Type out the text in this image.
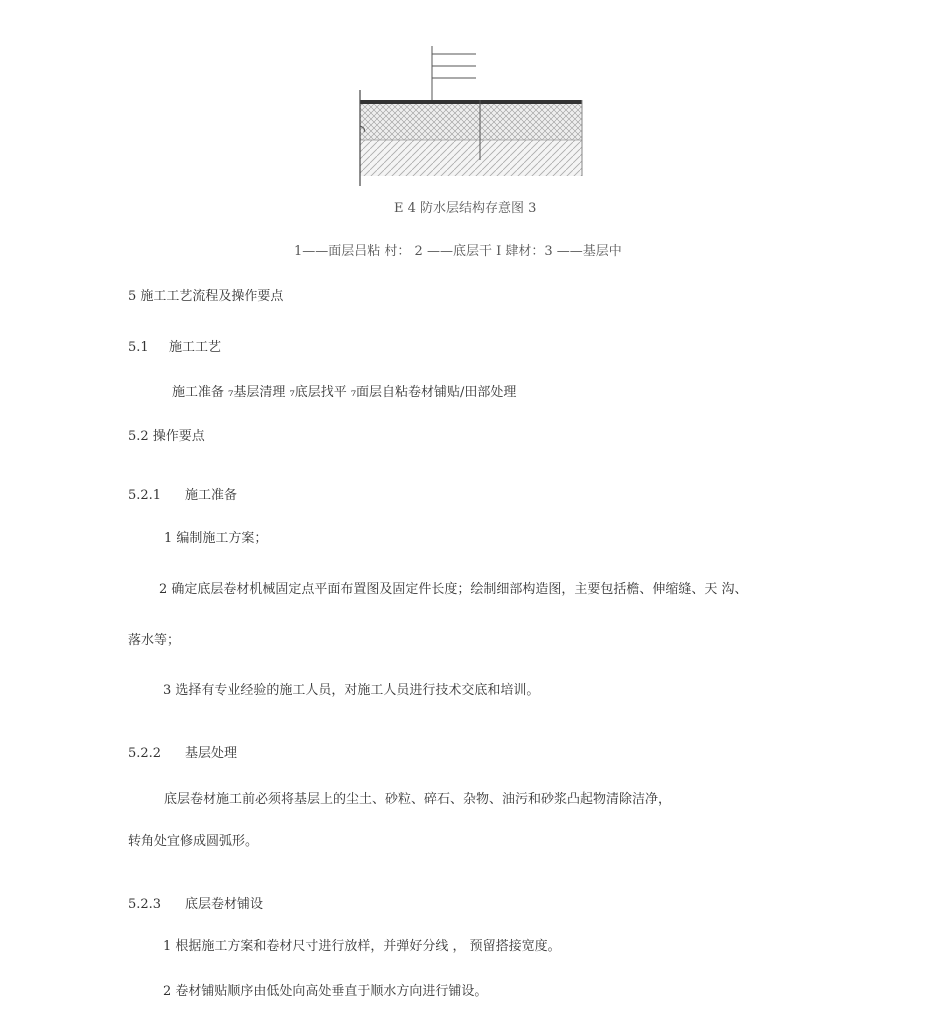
E 4 防水层结构存意图 3
1——面层吕粘 村： 2 ——底层干 I 肆材：3 ——基层中
5 施工工艺流程及操作要点
5.1 施工工艺
施工准备 ₇基层清理 ₇底层找平 ₇面层自粘卷材铺贴/田部处理
5.2 操作要点
5.2.1 施工准备
1 编制施工方案；
2 确定底层卷材机械固定点平面布置图及固定件长度；绘制细部构造图，主要包括檐、伸缩缝、天 沟、
落水等；
3 选择有专业经验的施工人员，对施工人员进行技术交底和培训。
5.2.2 基层处理
底层卷材施工前必须将基层上的尘土、砂粒、碎石、杂物、油污和砂浆凸起物清除洁净，
转角处宜修成圆弧形。
5.2.3 底层卷材铺设
1 根据施工方案和卷材尺寸进行放样，并弹好分线 ， 预留搭接宽度。
2 卷材铺贴顺序由低处向高处垂直于顺水方向进行铺设。
